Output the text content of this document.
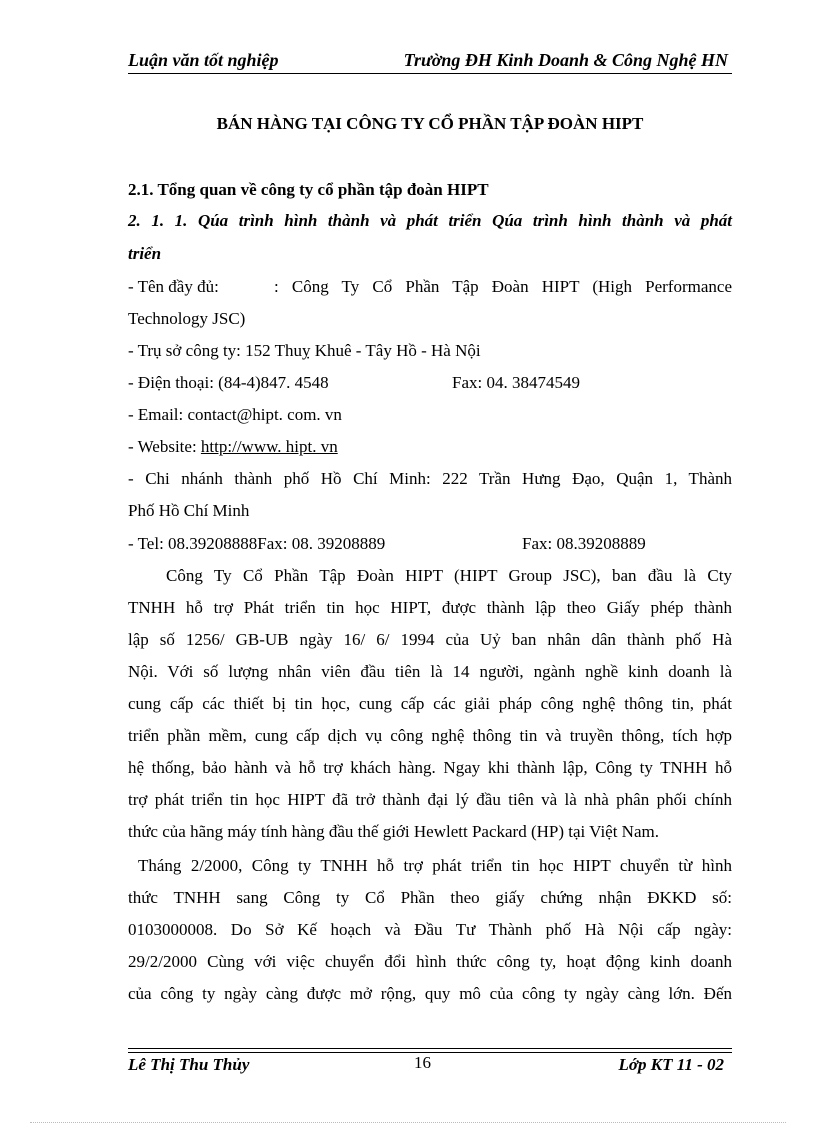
Luận văn tốt nghiệp	Trường ĐH Kinh Doanh & Công Nghệ HN
BÁN HÀNG TẠI CÔNG TY CỔ PHẦN TẬP ĐOÀN HIPT
2.1. Tổng quan về công ty cổ phần tập đoàn HIPT
2. 1. 1. Qúa trình hình thành và phát triển Qúa trình hình thành và phát
triển
- Tên đầy đủ:	: Công Ty Cổ Phần Tập Đoàn HIPT (High Performance
Technology JSC)
- Trụ sở công ty: 152 Thuỵ Khuê - Tây Hồ - Hà Nội
- Điện thoại: (84-4)847. 4548	Fax: 04. 38474549
- Email: contact@hipt. com. vn
- Website: http://www. hipt. vn
- Chi nhánh thành phố Hồ Chí Minh: 222 Trần Hưng Đạo, Quận 1, Thành
Phố Hồ Chí Minh
- Tel: 08.39208888Fax: 08. 39208889	Fax: 08.39208889
Công Ty Cổ Phần Tập Đoàn HIPT (HIPT Group JSC), ban đầu là Cty
TNHH hỗ trợ Phát triển tin học HIPT, được thành lập theo Giấy phép thành
lập số 1256/ GB-UB ngày 16/ 6/ 1994 của Uỷ ban nhân dân thành phố Hà
Nội. Với số lượng nhân viên đầu tiên là 14 người, ngành nghề kinh doanh là
cung cấp các thiết bị tin học, cung cấp các giải pháp công nghệ thông tin, phát
triển phần mềm, cung cấp dịch vụ công nghệ thông tin và truyền thông, tích hợp
hệ thống, bảo hành và hỗ trợ khách hàng. Ngay khi thành lập, Công ty TNHH hỗ
trợ phát triển tin học HIPT đã trở thành đại lý đầu tiên và là nhà phân phối chính
thức của hãng máy tính hàng đầu thế giới Hewlett Packard (HP) tại Việt Nam.
Tháng 2/2000, Công ty TNHH hỗ trợ phát triển tin học HIPT chuyển từ hình
thức TNHH sang Công ty Cổ Phần theo giấy chứng nhận ĐKKD số:
0103000008. Do Sở Kế hoạch và Đầu Tư Thành phố Hà Nội cấp ngày:
29/2/2000 Cùng với việc chuyển đổi hình thức công ty, hoạt động kinh doanh
của công ty ngày càng được mở rộng, quy mô của công ty ngày càng lớn. Đến
Lê Thị Thu Thủy	16	Lớp KT 11 - 02
